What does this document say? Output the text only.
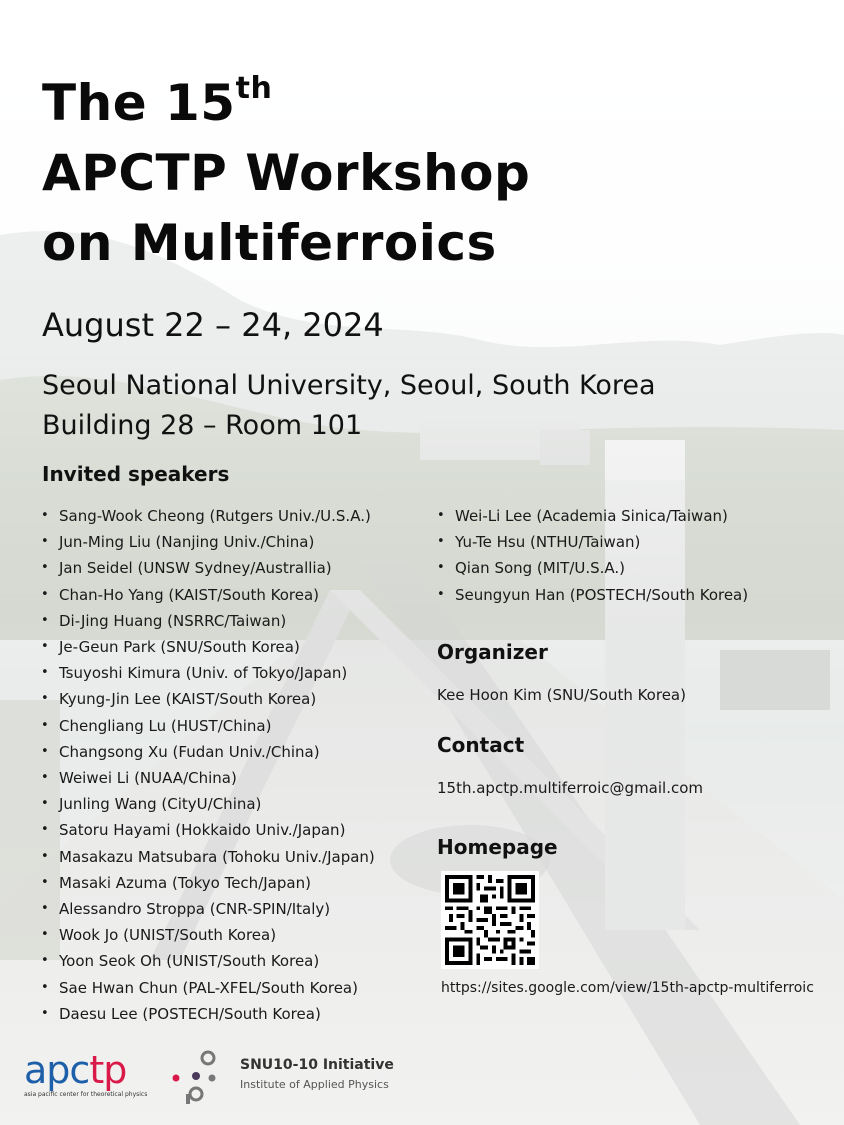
The 15th
APCTP Workshop
on Multiferroics
August 22 – 24, 2024
Seoul National University, Seoul, South Korea
Building 28 – Room 101
Invited speakers
• Sang-Wook Cheong (Rutgers Univ./U.S.A.)
• Jun-Ming Liu (Nanjing Univ./China)
• Jan Seidel (UNSW Sydney/Australlia)
• Chan-Ho Yang (KAIST/South Korea)
• Di-Jing Huang (NSRRC/Taiwan)
• Je-Geun Park (SNU/South Korea)
• Tsuyoshi Kimura (Univ. of Tokyo/Japan)
• Kyung-Jin Lee (KAIST/South Korea)
• Chengliang Lu (HUST/China)
• Changsong Xu (Fudan Univ./China)
• Weiwei Li (NUAA/China)
• Junling Wang (CityU/China)
• Satoru Hayami (Hokkaido Univ./Japan)
• Masakazu Matsubara (Tohoku Univ./Japan)
• Masaki Azuma (Tokyo Tech/Japan)
• Alessandro Stroppa (CNR-SPIN/Italy)
• Wook Jo (UNIST/South Korea)
• Yoon Seok Oh (UNIST/South Korea)
• Sae Hwan Chun (PAL-XFEL/South Korea)
• Daesu Lee (POSTECH/South Korea)
• Wei-Li Lee (Academia Sinica/Taiwan)
• Yu-Te Hsu (NTHU/Taiwan)
• Qian Song (MIT/U.S.A.)
• Seungyun Han (POSTECH/South Korea)
Organizer
Kee Hoon Kim (SNU/South Korea)
Contact
15th.apctp.multiferroic@gmail.com
Homepage
https://sites.google.com/view/15th-apctp-multiferroic
apctp
asia pacific center for theoretical physics
SNU10-10 Initiative
Institute of Applied Physics
